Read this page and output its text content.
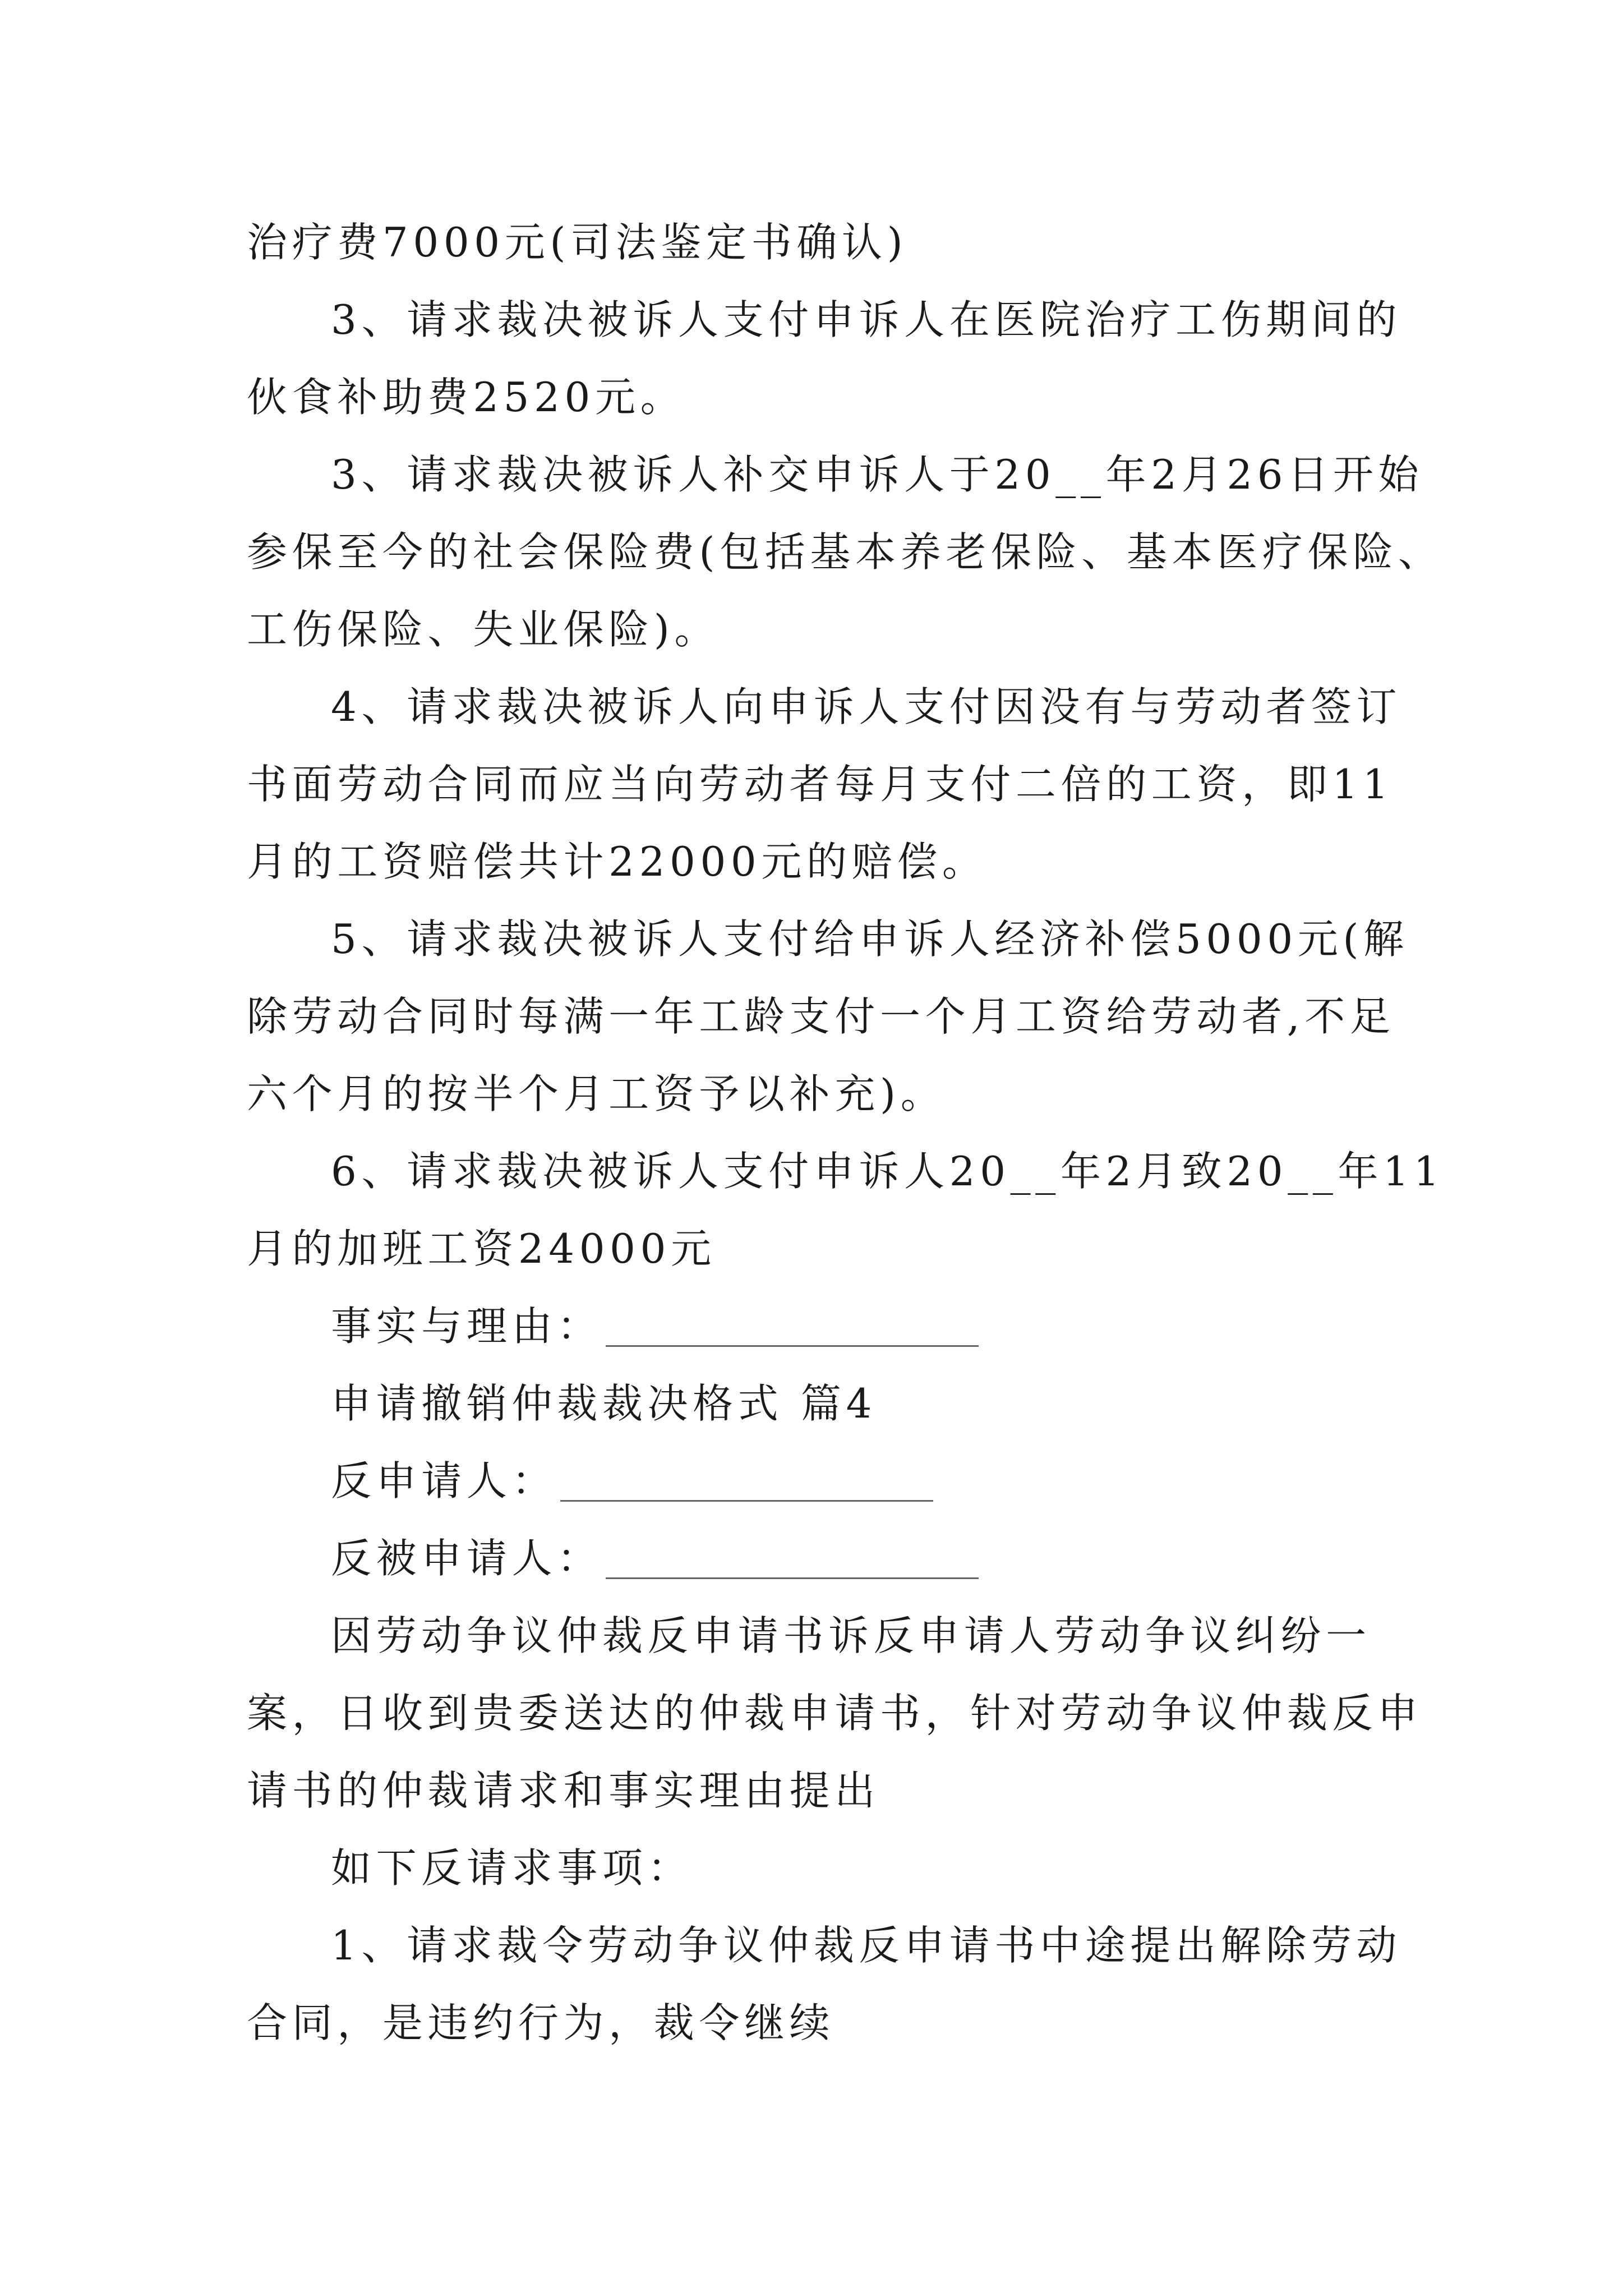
治疗费7000元(司法鉴定书确认)
3、请求裁决被诉人支付申诉人在医院治疗工伤期间的
伙食补助费2520元。
3、请求裁决被诉人补交申诉人于20__年2月26日开始
参保至今的社会保险费(包括基本养老保险、基本医疗保险、
工伤保险、失业保险)。
4、请求裁决被诉人向申诉人支付因没有与劳动者签订
书面劳动合同而应当向劳动者每月支付二倍的工资，即11
月的工资赔偿共计22000元的赔偿。
5、请求裁决被诉人支付给申诉人经济补偿5000元(解
除劳动合同时每满一年工龄支付一个月工资给劳动者,不足
六个月的按半个月工资予以补充)。
6、请求裁决被诉人支付申诉人20__年2月致20__年11
月的加班工资24000元
事实与理由：
申请撤销仲裁裁决格式 篇4
反申请人：
反被申请人：
因劳动争议仲裁反申请书诉反申请人劳动争议纠纷一
案，日收到贵委送达的仲裁申请书，针对劳动争议仲裁反申
请书的仲裁请求和事实理由提出
如下反请求事项：
1、请求裁令劳动争议仲裁反申请书中途提出解除劳动
合同，是违约行为，裁令继续
